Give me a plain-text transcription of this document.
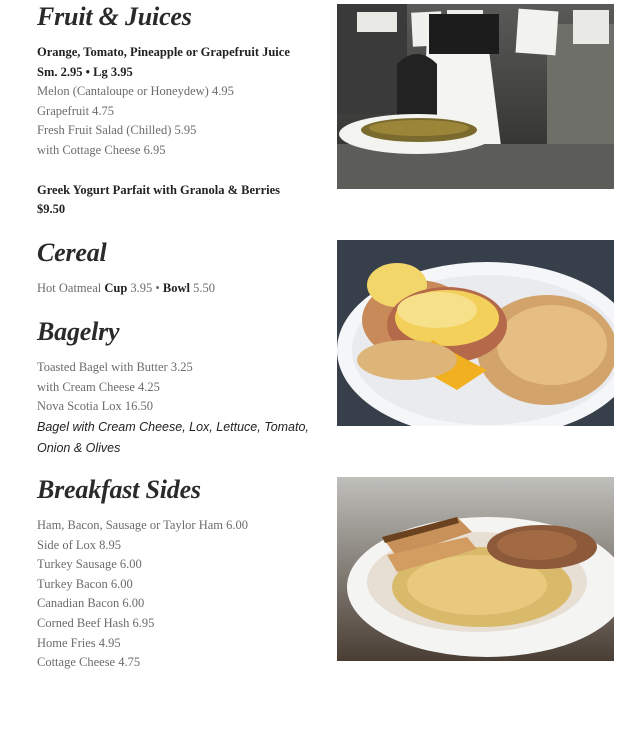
Fruit & Juices
Orange, Tomato, Pineapple or Grapefruit Juice
Sm. 2.95 • Lg 3.95
Melon (Cantaloupe or Honeydew) 4.95
Grapefruit 4.75
Fresh Fruit Salad (Chilled) 5.95
with Cottage Cheese 6.95
Greek Yogurt Parfait with Granola & Berries
$9.50
Cereal
Hot Oatmeal Cup 3.95 • Bowl 5.50
Bagelry
Toasted Bagel with Butter 3.25
with Cream Cheese 4.25
Nova Scotia Lox 16.50
Bagel with Cream Cheese, Lox, Lettuce, Tomato, Onion & Olives
Breakfast Sides
Ham, Bacon, Sausage or Taylor Ham 6.00
Side of Lox 8.95
Turkey Sausage 6.00
Turkey Bacon 6.00
Canadian Bacon 6.00
Corned Beef Hash 6.95
Home Fries 4.95
Cottage Cheese 4.75
